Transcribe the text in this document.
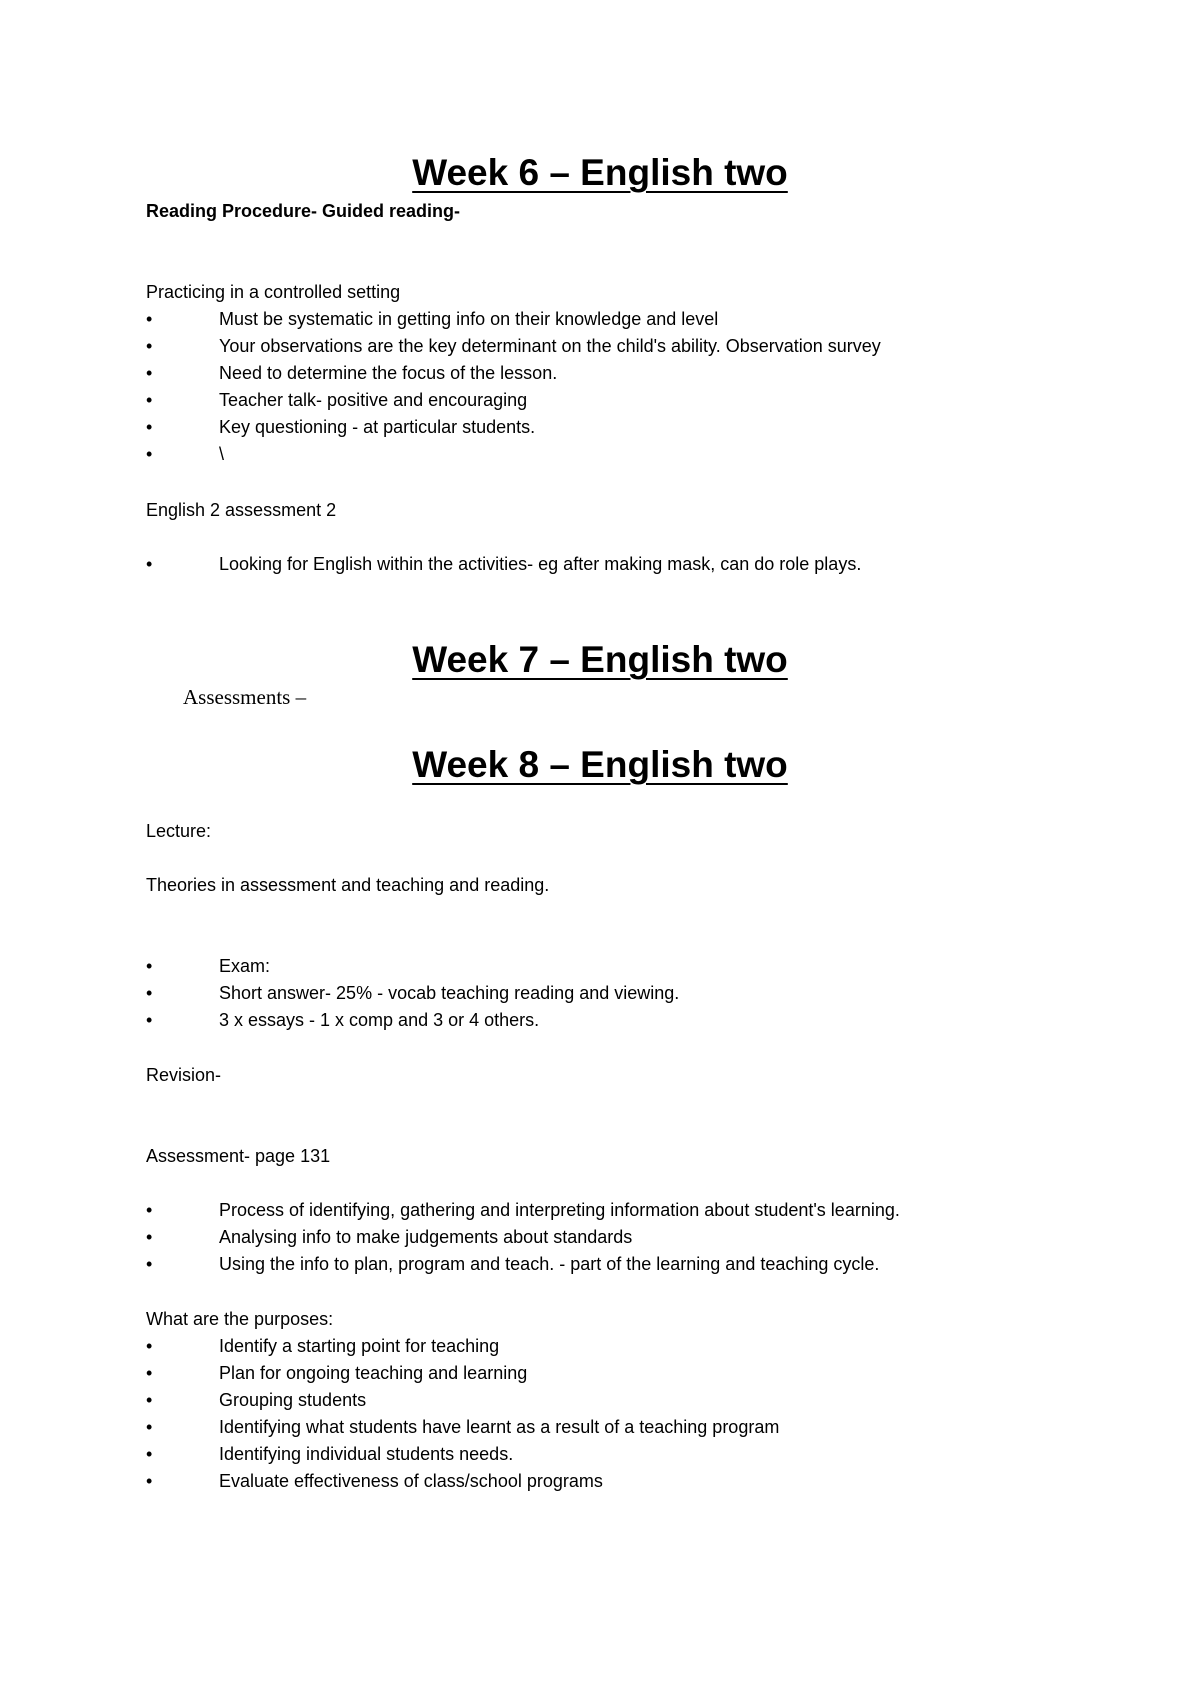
Week 6 – English two
Reading Procedure- Guided reading-
Practicing in a controlled setting
•	Must be systematic in getting info on their knowledge and level
•	Your observations are the key determinant on the child's ability. Observation survey
•	Need to determine the focus of the lesson.
•	Teacher talk- positive and encouraging
•	Key questioning - at particular students.
•	\
English 2 assessment 2
•	Looking for English within the activities- eg after making mask, can do role plays.
Week 7 – English two
Assessments –
Week 8 – English two
Lecture:
Theories in assessment and teaching and reading.
•	Exam:
•	Short answer- 25% - vocab teaching reading and viewing.
•	3 x essays - 1 x comp and 3 or 4 others.
Revision-
Assessment- page 131
•	Process of identifying, gathering and interpreting information about student's learning.
•	Analysing info to make judgements about standards
•	Using the info to plan, program and teach. - part of the learning and teaching cycle.
What are the purposes:
•	Identify a starting point for teaching
•	Plan for ongoing teaching and learning
•	Grouping students
•	Identifying what students have learnt as a result of a teaching program
•	Identifying individual students needs.
•	Evaluate effectiveness of class/school programs
